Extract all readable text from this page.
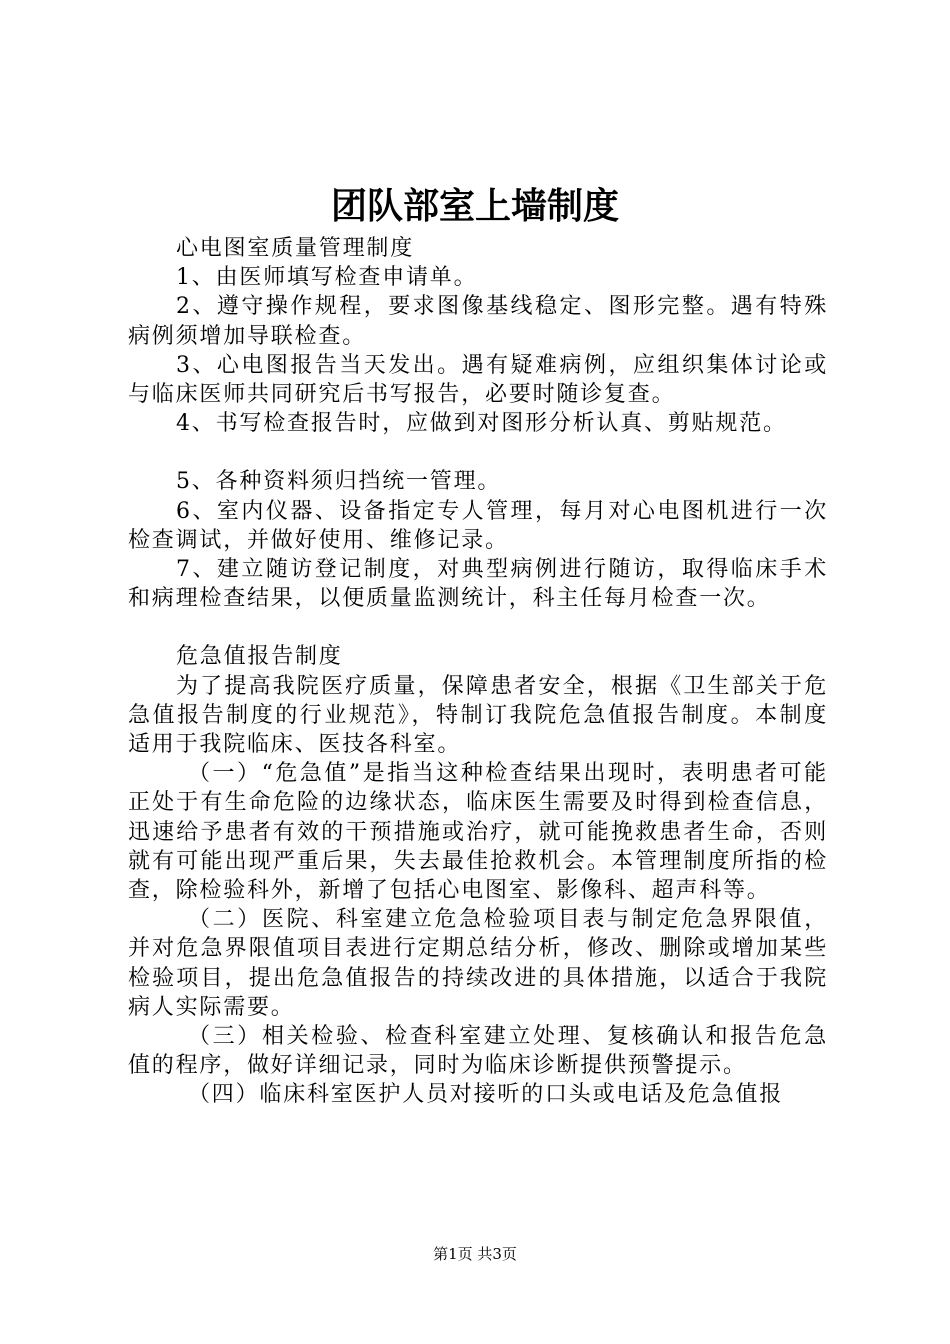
团队部室上墙制度

心电图室质量管理制度

1、由医师填写检查申请单。

2、遵守操作规程，要求图像基线稳定、图形完整。遇有特殊病例须增加导联检查。

3、心电图报告当天发出。遇有疑难病例，应组织集体讨论或与临床医师共同研究后书写报告，必要时随诊复查。

4、书写检查报告时，应做到对图形分析认真、剪贴规范。

5、各种资料须归挡统一管理。

6、室内仪器、设备指定专人管理，每月对心电图机进行一次检查调试，并做好使用、维修记录。

7、建立随访登记制度，对典型病例进行随访，取得临床手术和病理检查结果，以便质量监测统计，科主任每月检查一次。

危急值报告制度

为了提高我院医疗质量，保障患者安全，根据《卫生部关于危急值报告制度的行业规范》，特制订我院危急值报告制度。本制度适用于我院临床、医技各科室。

（一）“危急值”是指当这种检查结果出现时，表明患者可能正处于有生命危险的边缘状态，临床医生需要及时得到检查信息，迅速给予患者有效的干预措施或治疗，就可能挽救患者生命，否则就有可能出现严重后果，失去最佳抢救机会。本管理制度所指的检查，除检验科外，新增了包括心电图室、影像科、超声科等。

（二）医院、科室建立危急检验项目表与制定危急界限值，并对危急界限值项目表进行定期总结分析，修改、删除或增加某些检验项目，提出危急值报告的持续改进的具体措施，以适合于我院病人实际需要。

（三）相关检验、检查科室建立处理、复核确认和报告危急值的程序，做好详细记录，同时为临床诊断提供预警提示。

（四）临床科室医护人员对接听的口头或电话及危急值报

第1页 共3页
